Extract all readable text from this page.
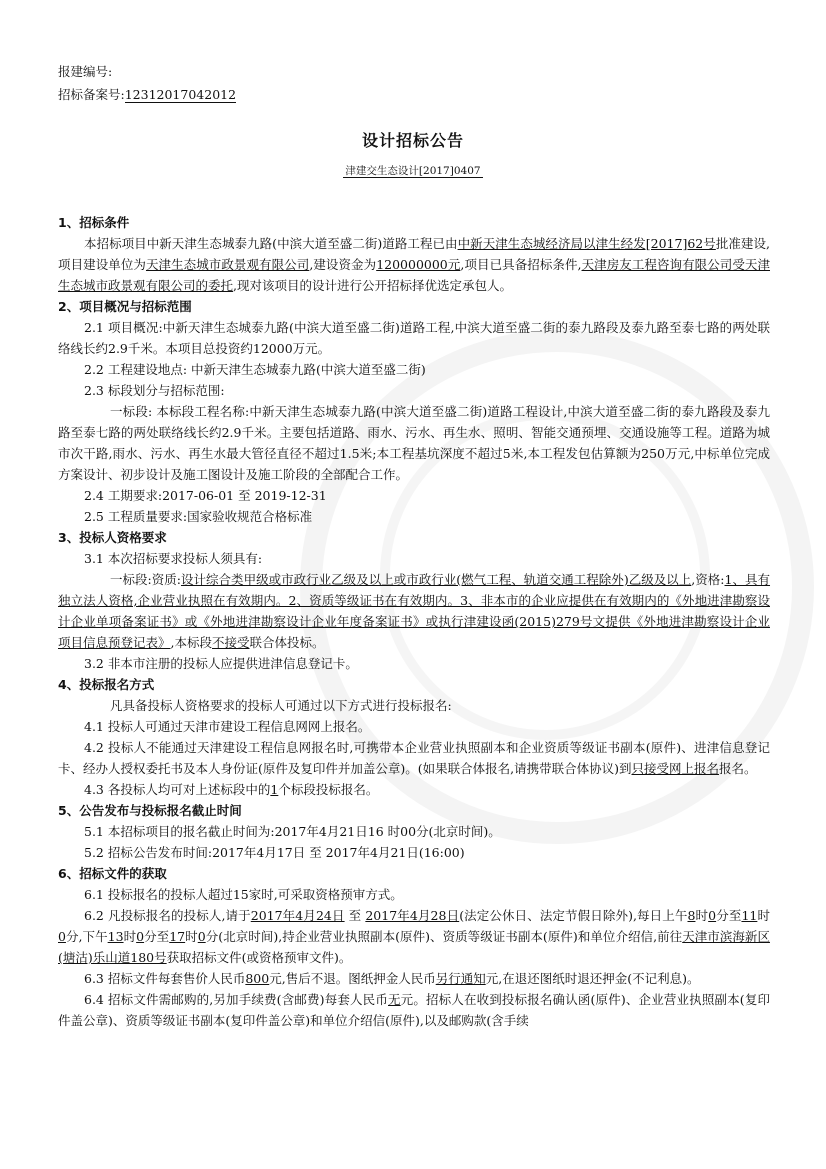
报建编号:
招标备案号:12312017042012
设计招标公告
津建交生态设计[2017]0407

1、招标条件

本招标项目中新天津生态城泰九路(中滨大道至盛二街)道路工程已由中新天津生态城经济局以津生经发[2017]62号批准建设,项目建设单位为天津生态城市政景观有限公司,建设资金为120000000元,项目已具备招标条件,天津房友工程咨询有限公司受天津生态城市政景观有限公司的委托,现对该项目的设计进行公开招标择优选定承包人。

2、项目概况与招标范围

2.1 项目概况:中新天津生态城泰九路(中滨大道至盛二街)道路工程,中滨大道至盛二街的泰九路段及泰九路至泰七路的两处联络线长约2.9千米。本项目总投资约12000万元。

2.2 工程建设地点: 中新天津生态城泰九路(中滨大道至盛二街)

2.3 标段划分与招标范围:

一标段: 本标段工程名称:中新天津生态城泰九路(中滨大道至盛二街)道路工程设计,中滨大道至盛二街的泰九路段及泰九路至泰七路的两处联络线长约2.9千米。主要包括道路、雨水、污水、再生水、照明、智能交通预埋、交通设施等工程。道路为城市次干路,雨水、污水、再生水最大管径直径不超过1.5米;本工程基坑深度不超过5米,本工程发包估算额为250万元,中标单位完成方案设计、初步设计及施工图设计及施工阶段的全部配合工作。

2.4 工期要求:2017-06-01 至 2019-12-31

2.5 工程质量要求:国家验收规范合格标准

3、投标人资格要求

3.1 本次招标要求投标人须具有:

一标段:资质:设计综合类甲级或市政行业乙级及以上或市政行业(燃气工程、轨道交通工程除外)乙级及以上,资格:1、具有独立法人资格,企业营业执照在有效期内。2、资质等级证书在有效期内。3、非本市的企业应提供在有效期内的《外地进津勘察设计企业单项备案证书》或《外地进津勘察设计企业年度备案证书》或执行津建设函(2015)279号文提供《外地进津勘察设计企业项目信息预登记表》,本标段不接受联合体投标。

3.2 非本市注册的投标人应提供进津信息登记卡。

4、投标报名方式

凡具备投标人资格要求的投标人可通过以下方式进行投标报名:

4.1 投标人可通过天津市建设工程信息网网上报名。

4.2 投标人不能通过天津建设工程信息网报名时,可携带本企业营业执照副本和企业资质等级证书副本(原件)、进津信息登记卡、经办人授权委托书及本人身份证(原件及复印件并加盖公章)。(如果联合体报名,请携带联合体协议)到只接受网上报名报名。

4.3 各投标人均可对上述标段中的1个标段投标报名。

5、公告发布与投标报名截止时间

5.1 本招标项目的报名截止时间为:2017年4月21日16 时00分(北京时间)。

5.2 招标公告发布时间:2017年4月17日 至 2017年4月21日(16:00)

6、招标文件的获取

6.1 投标报名的投标人超过15家时,可采取资格预审方式。

6.2 凡投标报名的投标人,请于2017年4月24日 至 2017年4月28日(法定公休日、法定节假日除外),每日上午8时0分至11时0分,下午13时0分至17时0分(北京时间),持企业营业执照副本(原件)、资质等级证书副本(原件)和单位介绍信,前往天津市滨海新区(塘沽)乐山道180号获取招标文件(或资格预审文件)。

6.3 招标文件每套售价人民币800元,售后不退。图纸押金人民币另行通知元,在退还图纸时退还押金(不记利息)。

6.4 招标文件需邮购的,另加手续费(含邮费)每套人民币无元。招标人在收到投标报名确认函(原件)、企业营业执照副本(复印件盖公章)、资质等级证书副本(复印件盖公章)和单位介绍信(原件),以及邮购款(含手续
